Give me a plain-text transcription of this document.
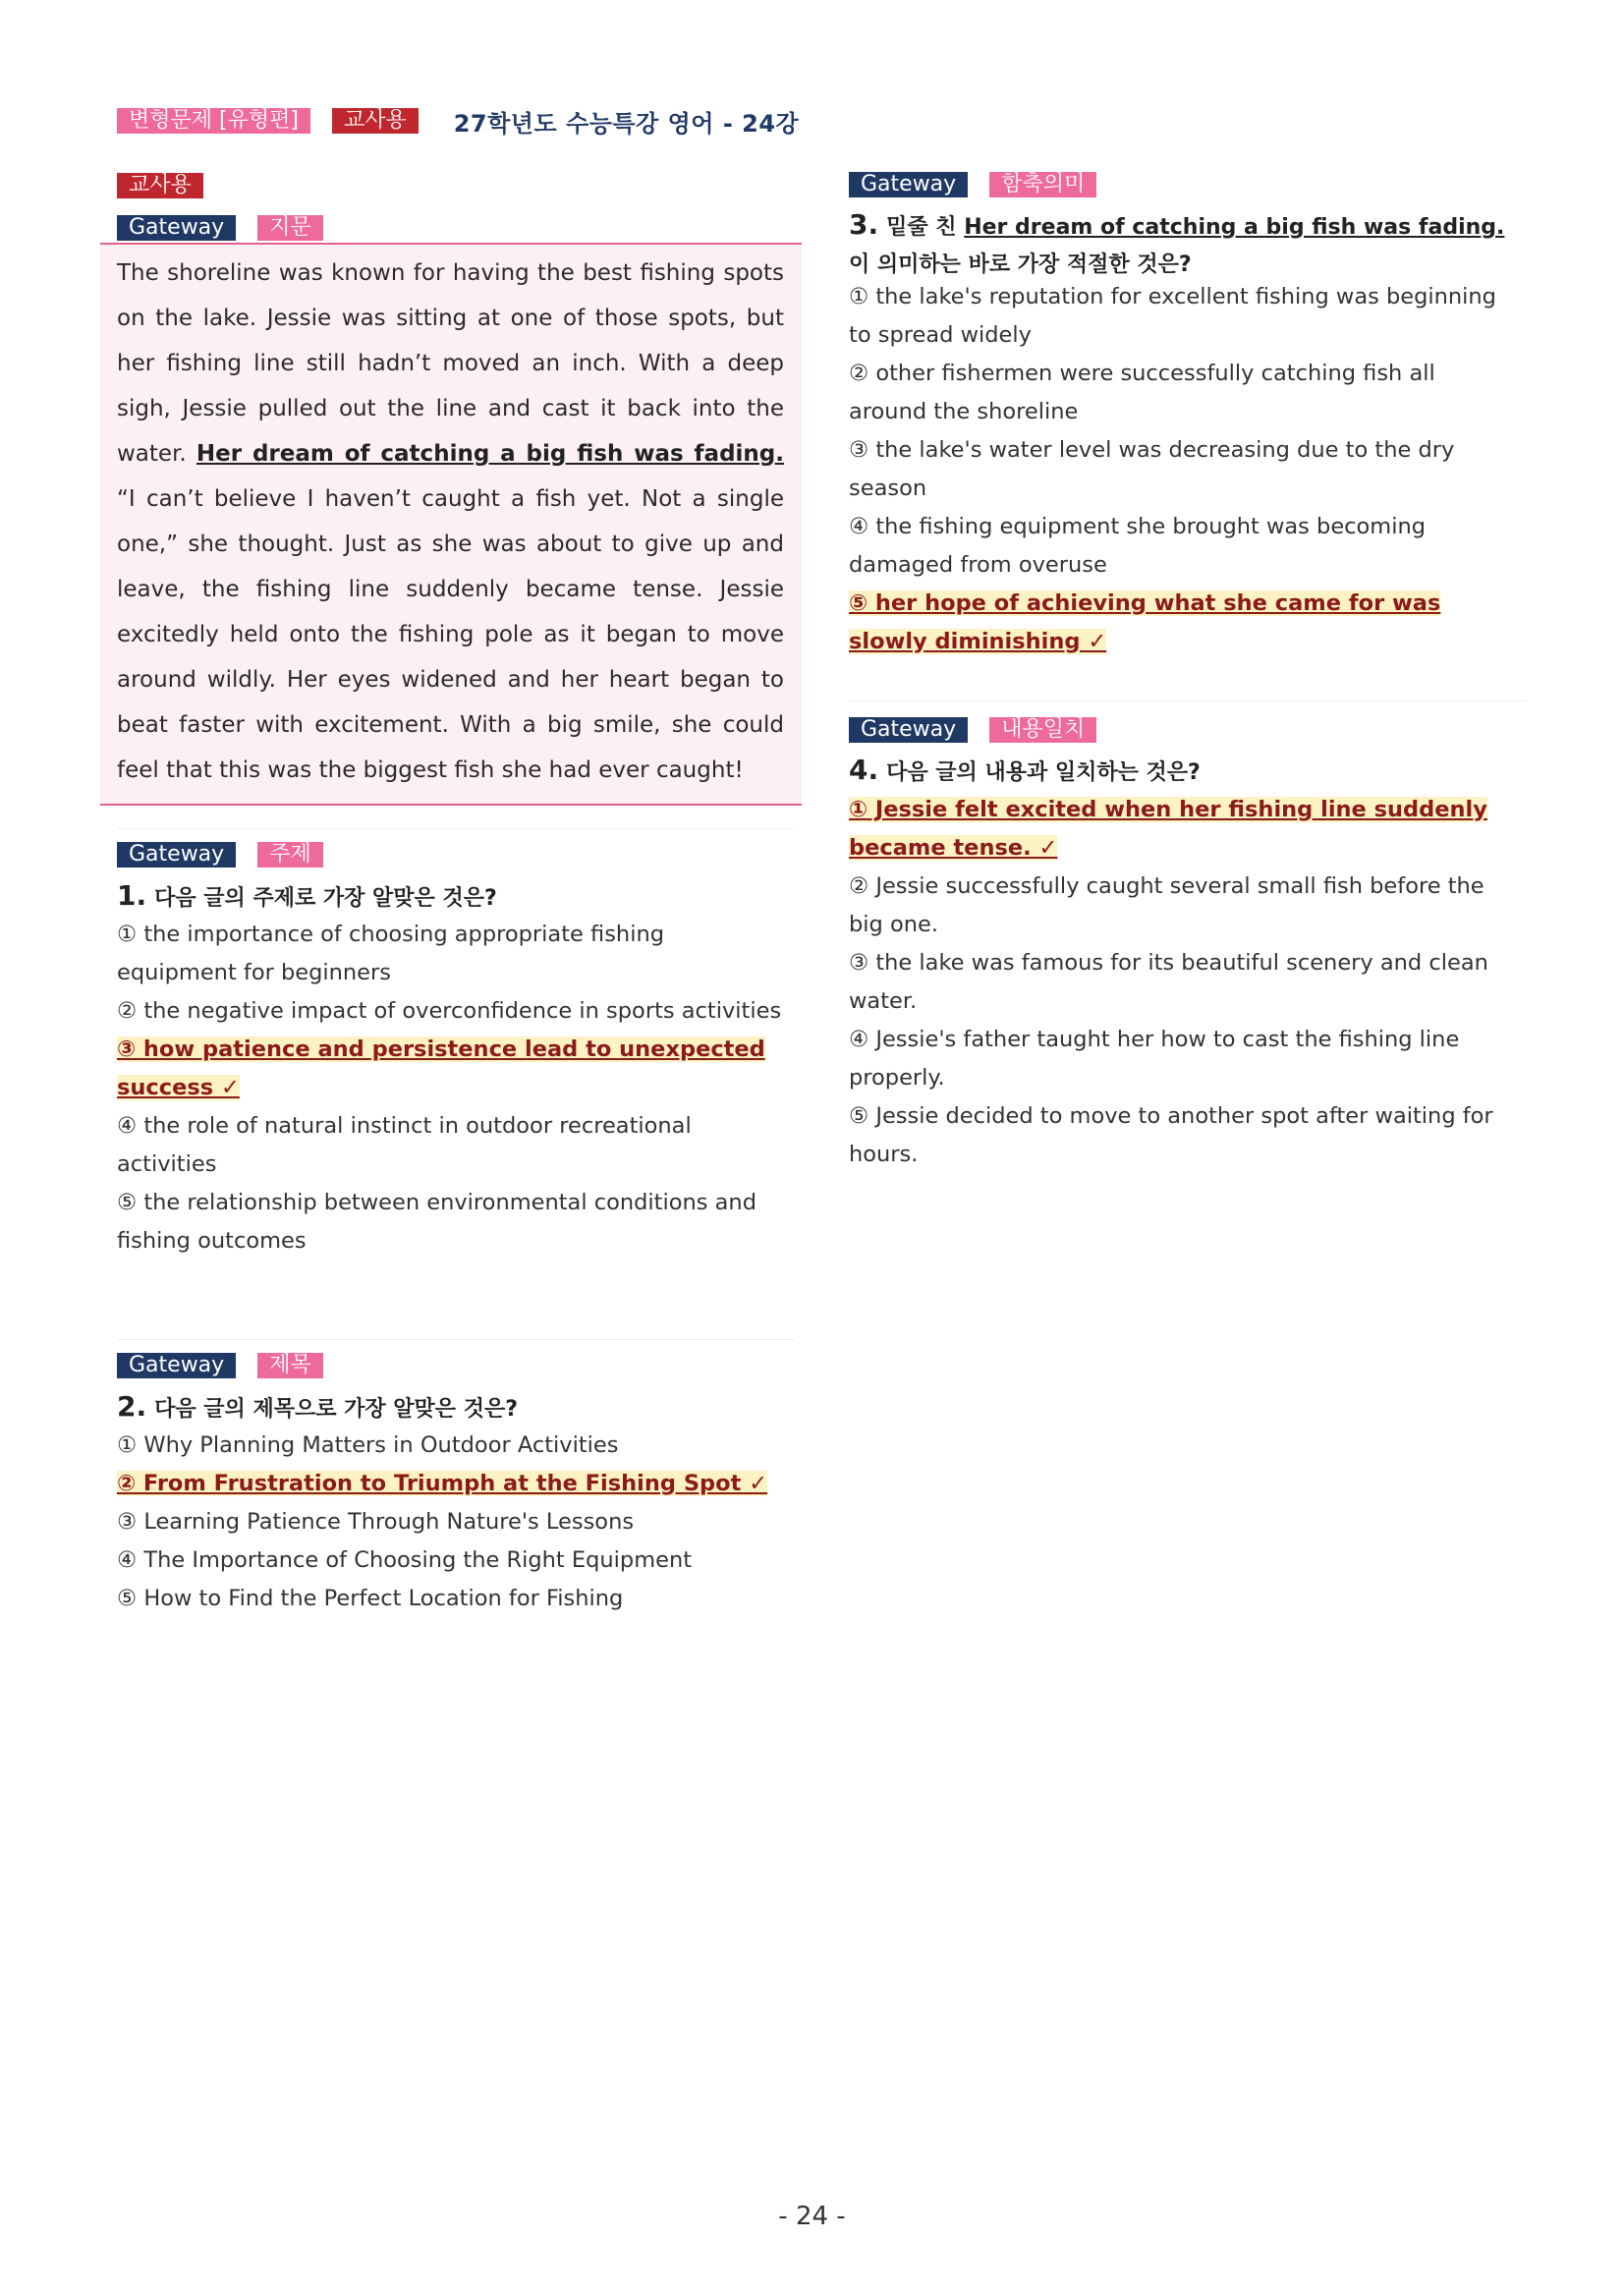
변형문제 [유형편]	교사용	27학년도 수능특강 영어 - 24강
교사용
Gateway	지문
The shoreline was known for having the best fishing spots on the lake. Jessie was sitting at one of those spots, but her fishing line still hadn’t moved an inch. With a deep sigh, Jessie pulled out the line and cast it back into the water. Her dream of catching a big fish was fading. “I can’t believe I haven’t caught a fish yet. Not a single one,” she thought. Just as she was about to give up and leave, the fishing line suddenly became tense. Jessie excitedly held onto the fishing pole as it began to move around wildly. Her eyes widened and her heart began to beat faster with excitement. With a big smile, she could feel that this was the biggest fish she had ever caught!
Gateway	주제
1. 다음 글의 주제로 가장 알맞은 것은?
① the importance of choosing appropriate fishing equipment for beginners
② the negative impact of overconfidence in sports activities
③ how patience and persistence lead to unexpected success ✓
④ the role of natural instinct in outdoor recreational activities
⑤ the relationship between environmental conditions and fishing outcomes
Gateway	제목
2. 다음 글의 제목으로 가장 알맞은 것은?
① Why Planning Matters in Outdoor Activities
② From Frustration to Triumph at the Fishing Spot ✓
③ Learning Patience Through Nature's Lessons
④ The Importance of Choosing the Right Equipment
⑤ How to Find the Perfect Location for Fishing
Gateway	함축의미
3. 밑줄 친 Her dream of catching a big fish was fading.이 의미하는 바로 가장 적절한 것은?
① the lake's reputation for excellent fishing was beginning to spread widely
② other fishermen were successfully catching fish all around the shoreline
③ the lake's water level was decreasing due to the dry season
④ the fishing equipment she brought was becoming damaged from overuse
⑤ her hope of achieving what she came for was slowly diminishing ✓
Gateway	내용일치
4. 다음 글의 내용과 일치하는 것은?
① Jessie felt excited when her fishing line suddenly became tense. ✓
② Jessie successfully caught several small fish before the big one.
③ the lake was famous for its beautiful scenery and clean water.
④ Jessie's father taught her how to cast the fishing line properly.
⑤ Jessie decided to move to another spot after waiting for hours.
- 24 -
